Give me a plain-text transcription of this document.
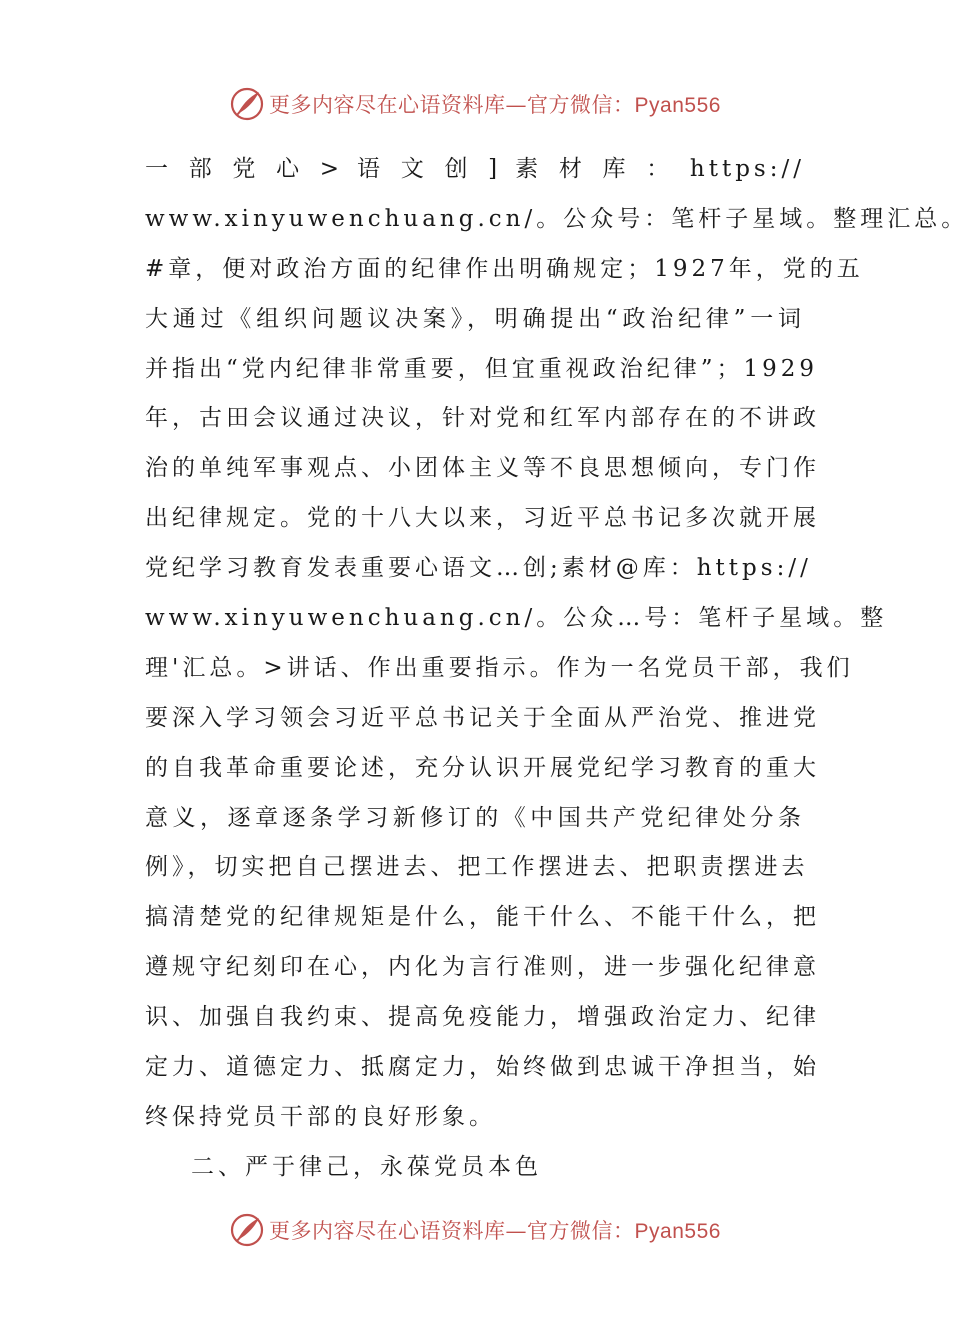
更多内容尽在心语资料库—官方微信：Pyan556
一 部 党 心 > 语 文 创 ] 素 材 库 ： https://
www.xinyuwenchuang.cn/。公众号：笔杆子星域。整理汇总。
#章，便对政治方面的纪律作出明确规定；1927年，党的五
大通过《组织问题议决案》，明确提出“政治纪律”一词
并指出“党内纪律非常重要，但宜重视政治纪律”；1929
年，古田会议通过决议，针对党和红军内部存在的不讲政
治的单纯军事观点、小团体主义等不良思想倾向，专门作
出纪律规定。党的十八大以来，习近平总书记多次就开展
党纪学习教育发表重要心语文…创;素材@库：https://
www.xinyuwenchuang.cn/。公众…号：笔杆子星域。整
理'汇总。>讲话、作出重要指示。作为一名党员干部，我们
要深入学习领会习近平总书记关于全面从严治党、推进党
的自我革命重要论述，充分认识开展党纪学习教育的重大
意义，逐章逐条学习新修订的《中国共产党纪律处分条
例》，切实把自己摆进去、把工作摆进去、把职责摆进去
搞清楚党的纪律规矩是什么，能干什么、不能干什么，把
遵规守纪刻印在心，内化为言行准则，进一步强化纪律意
识、加强自我约束、提高免疫能力，增强政治定力、纪律
定力、道德定力、抵腐定力，始终做到忠诚干净担当，始
终保持党员干部的良好形象。
二、严于律己，永葆党员本色
更多内容尽在心语资料库—官方微信：Pyan556
